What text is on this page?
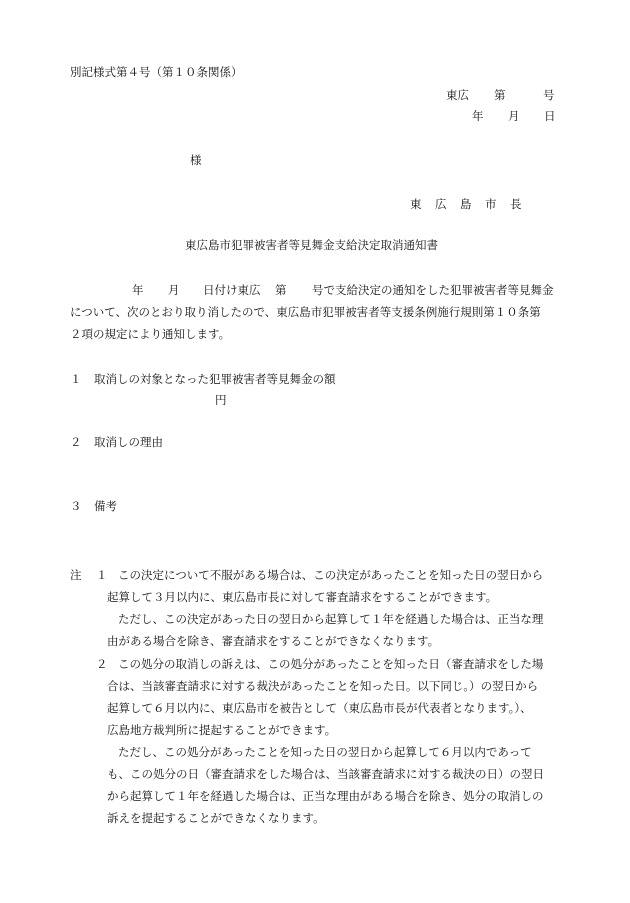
別記様式第４号（第１０条関係）
東広 第	号
年 月 日
様
東　広　島　市　長
東広島市犯罪被害者等見舞金支給決定取消通知書
年 月 日付け東広 第 号で支給決定の通知をした犯罪被害者等見舞金
について、次のとおり取り消したので、東広島市犯罪被害者等支援条例施行規則第１０条第
２項の規定により通知します。
１ 取消しの対象となった犯罪被害者等見舞金の額
円
２ 取消しの理由
３ 備考
注 １ この決定について不服がある場合は、この決定があったことを知った日の翌日から
起算して３月以内に、東広島市長に対して審査請求をすることができます。
ただし、この決定があった日の翌日から起算して１年を経過した場合は、正当な理
由がある場合を除き、審査請求をすることができなくなります。
２ この処分の取消しの訴えは、この処分があったことを知った日（審査請求をした場
合は、当該審査請求に対する裁決があったことを知った日。以下同じ。）の翌日から
起算して６月以内に、東広島市を被告として（東広島市長が代表者となります。）、
広島地方裁判所に提起することができます。
ただし、この処分があったことを知った日の翌日から起算して６月以内であって
も、この処分の日（審査請求をした場合は、当該審査請求に対する裁決の日）の翌日
から起算して１年を経過した場合は、正当な理由がある場合を除き、処分の取消しの
訴えを提起することができなくなります。
